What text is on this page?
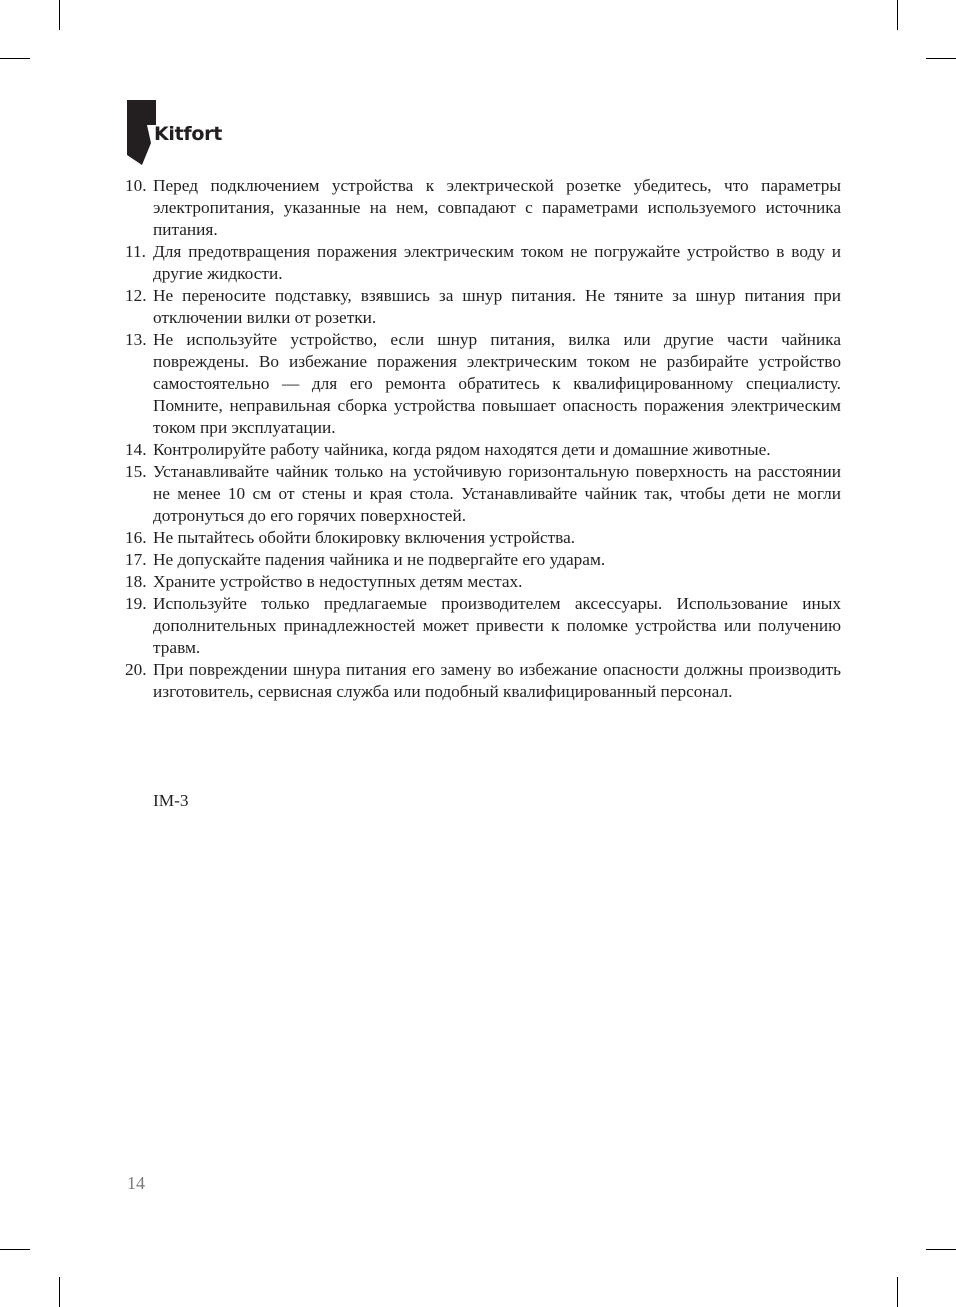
Kitfort
10. Перед подключением устройства к электрической розетке убедитесь, что параметры электропитания, указанные на нем, совпадают с параметрами используемого источника питания.
11. Для предотвращения поражения электрическим током не погружайте устройство в воду и другие жидкости.
12. Не переносите подставку, взявшись за шнур питания. Не тяните за шнур питания при отключении вилки от розетки.
13. Не используйте устройство, если шнур питания, вилка или другие части чайника повреждены. Во избежание поражения электрическим током не разбирайте устройство самостоятельно — для его ремонта обратитесь к квалифицированному специалисту. Помните, неправильная сборка устройства повышает опасность поражения электрическим током при эксплуатации.
14. Контролируйте работу чайника, когда рядом находятся дети и домашние животные.
15. Устанавливайте чайник только на устойчивую горизонтальную поверхность на расстоянии не менее 10 см от стены и края стола. Устанавливайте чайник так, чтобы дети не могли дотронуться до его горячих поверхностей.
16. Не пытайтесь обойти блокировку включения устройства.
17. Не допускайте падения чайника и не подвергайте его ударам.
18. Храните устройство в недоступных детям местах.
19. Используйте только предлагаемые производителем аксессуары. Использование иных дополнительных принадлежностей может привести к поломке устройства или получению травм.
20. При повреждении шнура питания его замену во избежание опасности должны производить изготовитель, сервисная служба или подобный квалифицированный персонал.
IM-3
14
